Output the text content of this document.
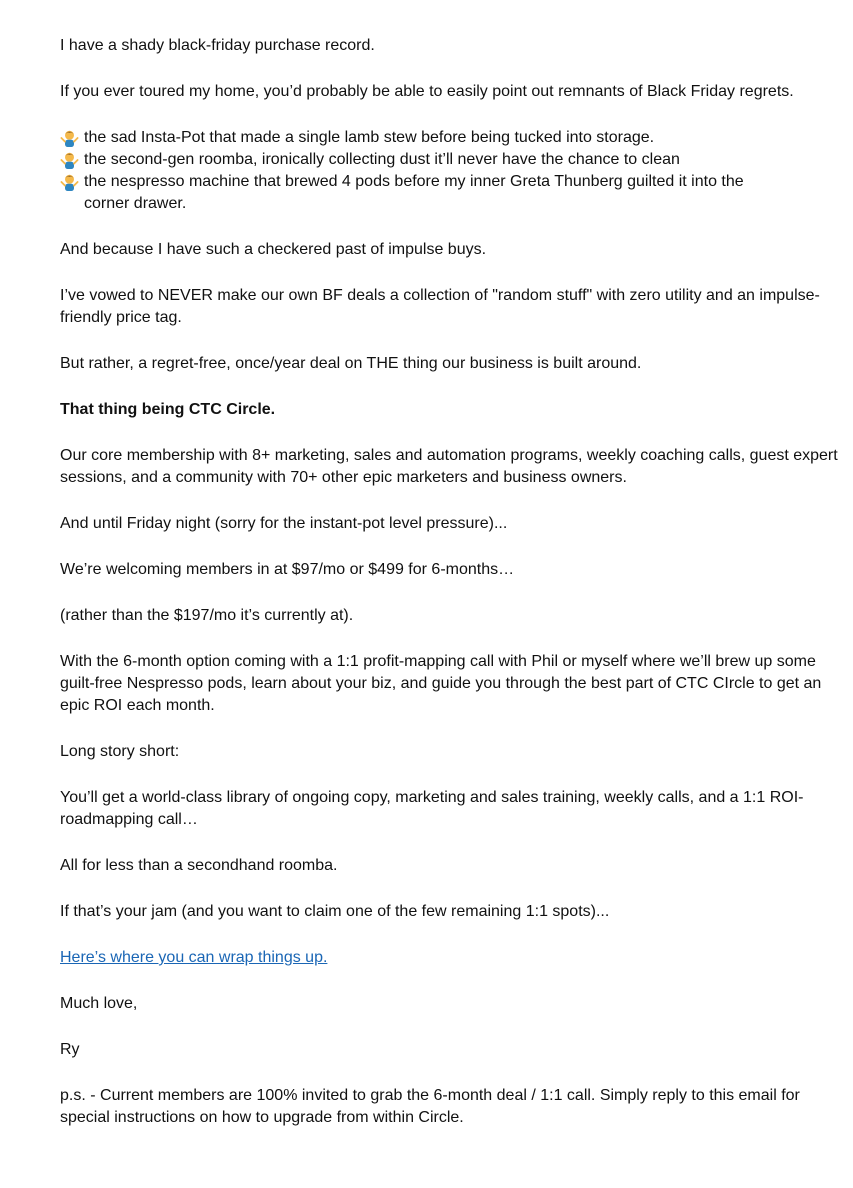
I have a shady black-friday purchase record.

If you ever toured my home, you’d probably be able to easily point out remnants of Black Friday regrets.

the sad Insta-Pot that made a single lamb stew before being tucked into storage.
the second-gen roomba, ironically collecting dust it’ll never have the chance to clean
the nespresso machine that brewed 4 pods before my inner Greta Thunberg guilted it into the corner drawer.

And because I have such a checkered past of impulse buys.

I’ve vowed to NEVER make our own BF deals a collection of "random stuff" with zero utility and an impulse-friendly price tag.

But rather, a regret-free, once/year deal on THE thing our business is built around.

That thing being CTC Circle.

Our core membership with 8+ marketing, sales and automation programs, weekly coaching calls, guest expert sessions, and a community with 70+ other epic marketers and business owners.

And until Friday night (sorry for the instant-pot level pressure)...

We’re welcoming members in at $97/mo or $499 for 6-months…

(rather than the $197/mo it’s currently at).

With the 6-month option coming with a 1:1 profit-mapping call with Phil or myself where we’ll brew up some guilt-free Nespresso pods, learn about your biz, and guide you through the best part of CTC CIrcle to get an epic ROI each month.

Long story short:

You’ll get a world-class library of ongoing copy, marketing and sales training, weekly calls, and a 1:1 ROI-roadmapping call…

All for less than a secondhand roomba.

If that’s your jam (and you want to claim one of the few remaining 1:1 spots)...

Here’s where you can wrap things up.

Much love,

Ry

p.s. - Current members are 100% invited to grab the 6-month deal / 1:1 call. Simply reply to this email for special instructions on how to upgrade from within Circle.
